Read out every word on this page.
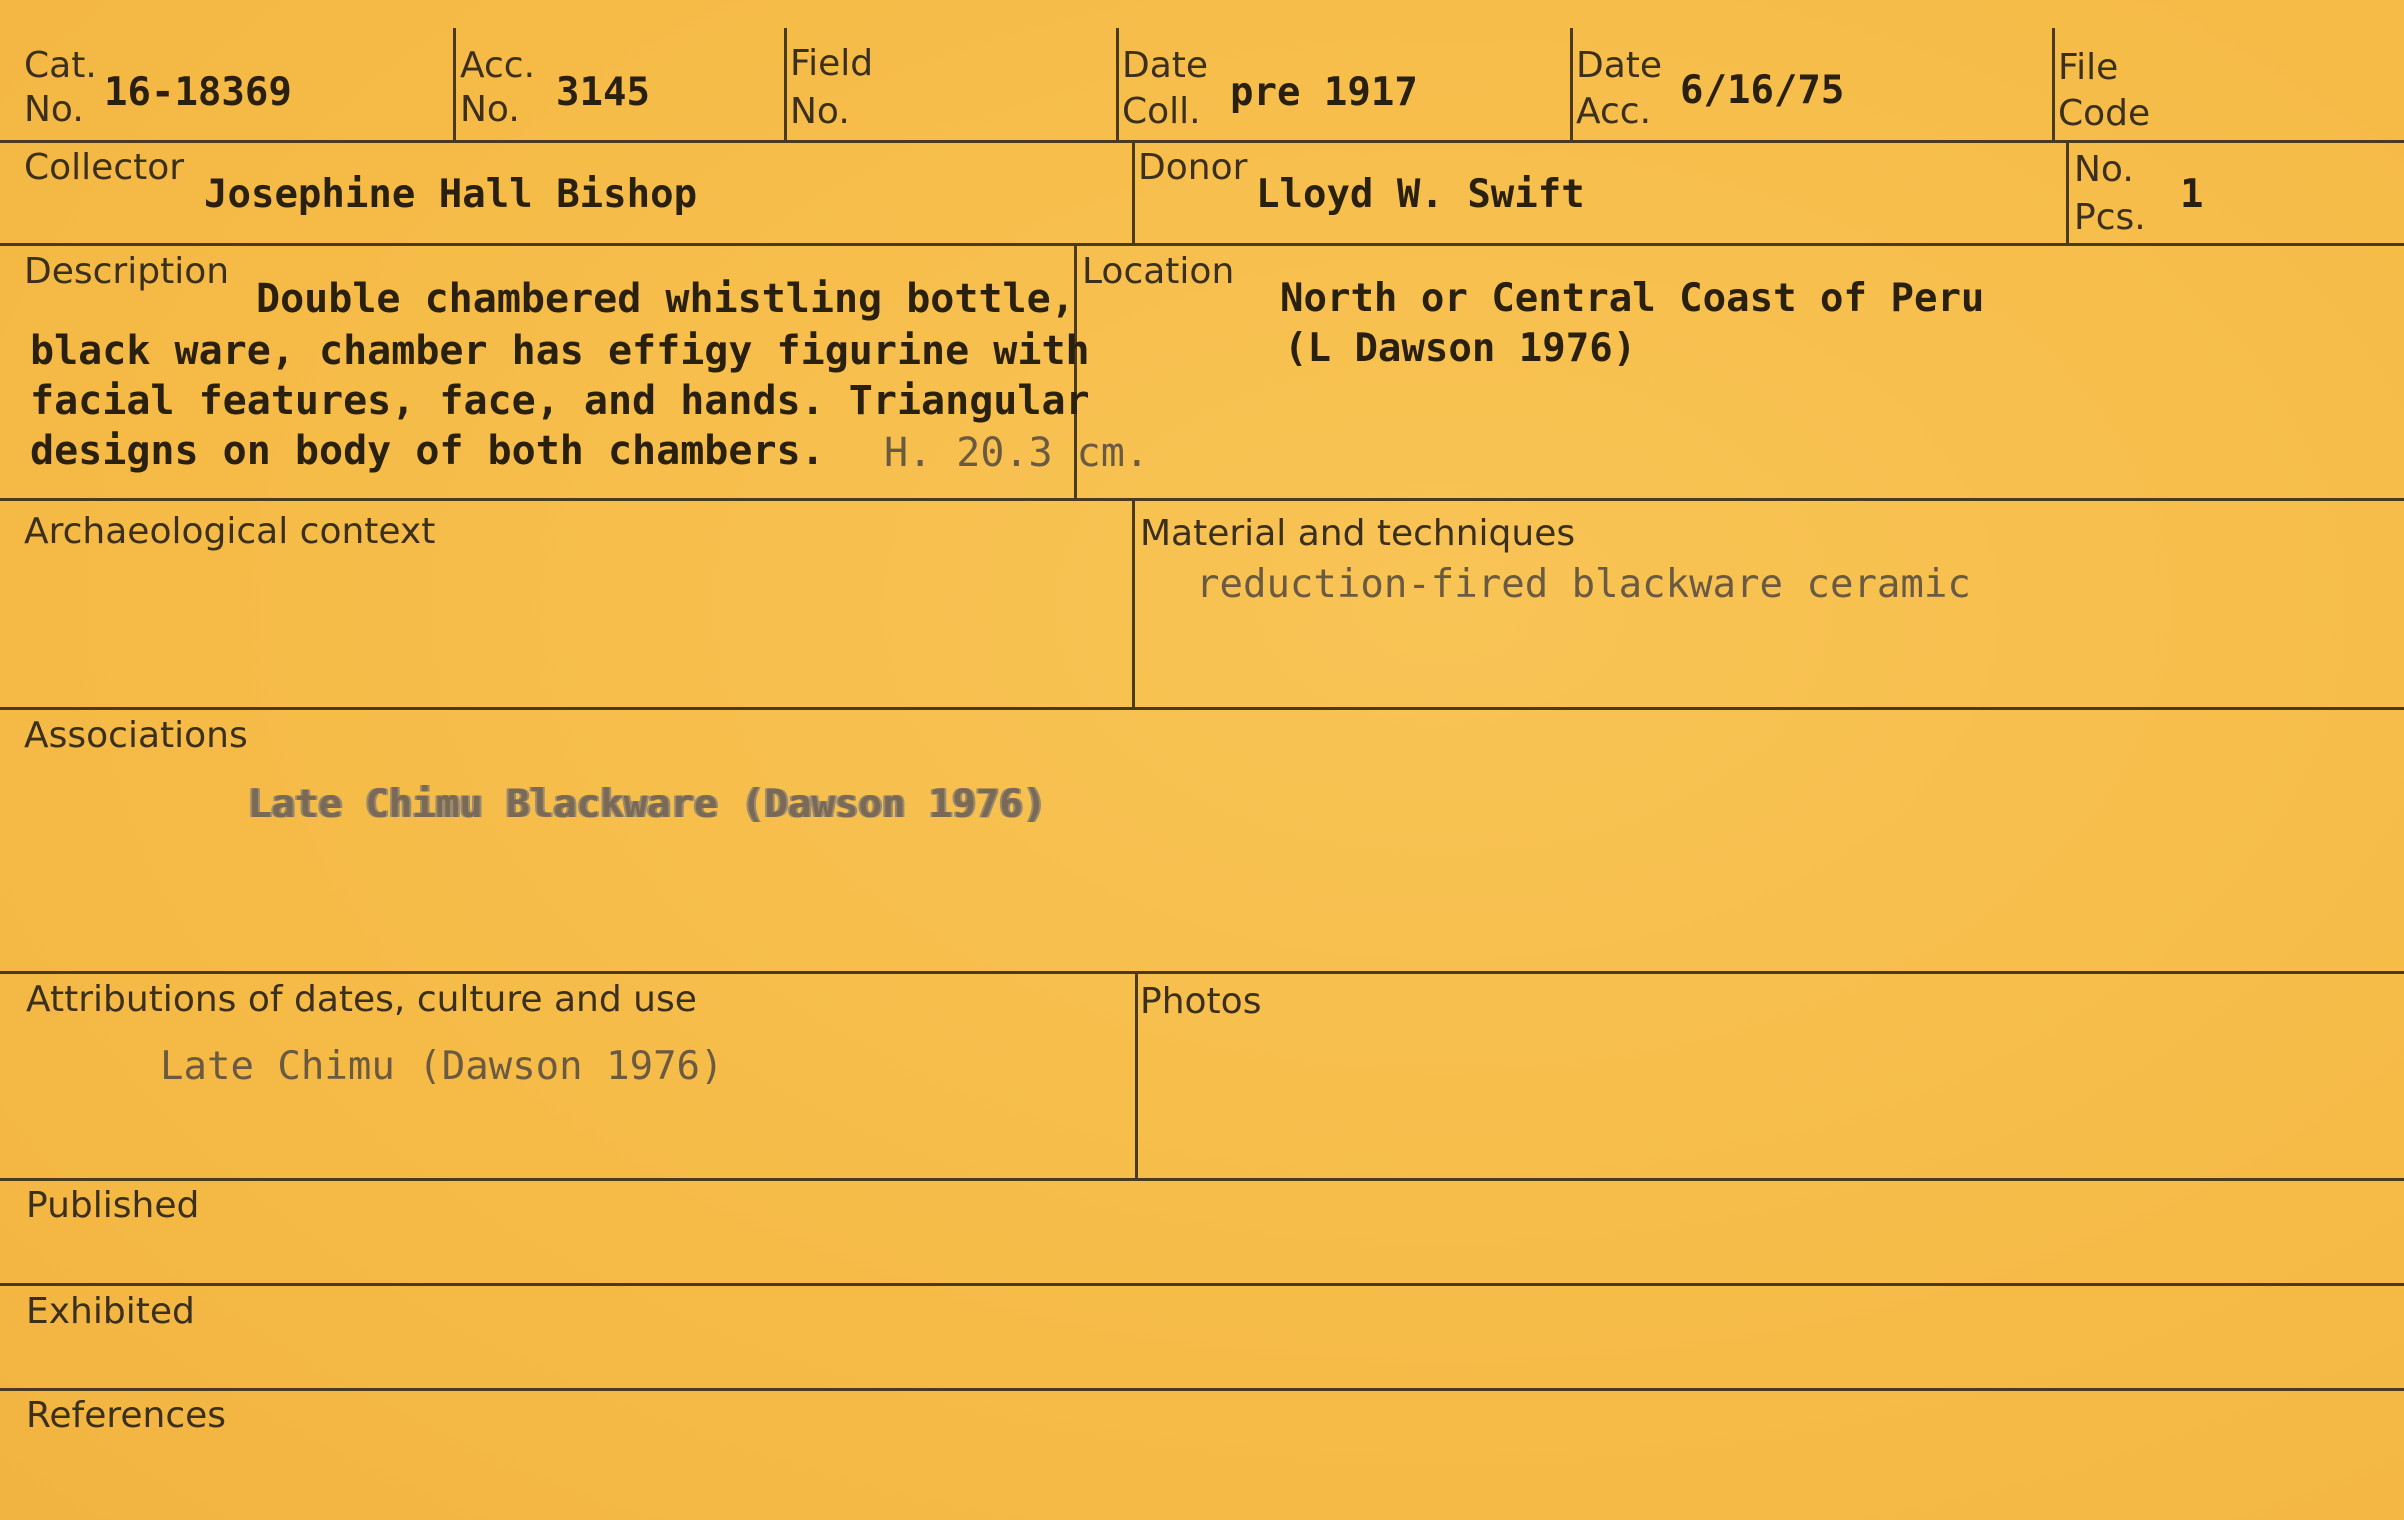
Cat.
No. 16-18369
Acc.
No. 3145
Field
No.
Date
Coll. pre 1917
Date
Acc. 6/16/75
File
Code
Collector
Josephine Hall Bishop
Donor
Lloyd W. Swift
No.
Pcs.
1
Description
Double chambered whistling bottle,
black ware, chamber has effigy figurine with
facial features, face, and hands. Triangular
designs on body of both chambers. H. 20.3 cm.
Location
North or Central Coast of Peru
(L Dawson 1976)
Archaeological context	Material and techniques
reduction-fired blackware ceramic
Associations
Late Chimu Blackware (Dawson 1976)
Attributions of dates, culture and use
Late Chimu (Dawson 1976)
Photos
Published
Exhibited
References
